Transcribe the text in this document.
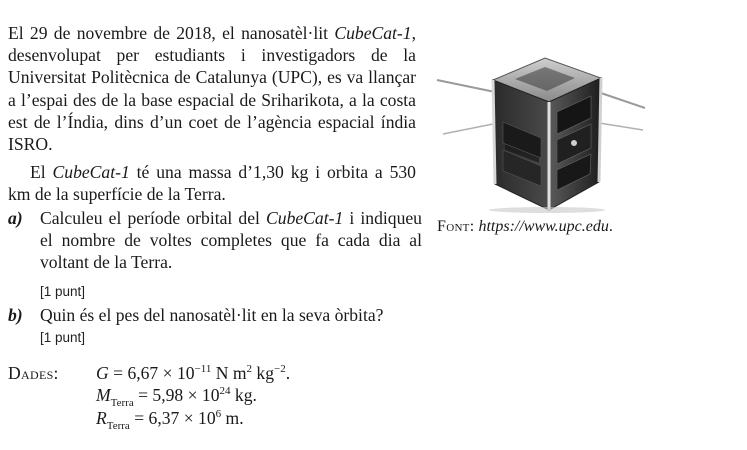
El 29 de novembre de 2018, el nanosatèl·lit CubeCat-1, desenvolupat per estudiants i investigadors de la Universitat Politècnica de Catalunya (UPC), es va llançar a l’espai des de la base espacial de Sriharikota, a la costa est de l’Índia, dins d’un coet de l’agència espacial índia ISRO.

El CubeCat-1 té una massa d’1,30 kg i orbita a 530 km de la superfície de la Terra.

a) Calculeu el període orbital del CubeCat-1 i indiqueu el nombre de voltes completes que fa cada dia al voltant de la Terra.
[1 punt]
b) Quin és el pes del nanosatèl·lit en la seva òrbita?
[1 punt]
Font: https://www.upc.edu.
Dades: $G = 6,67 \times 10^{-11}$ N $m^2$ $kg^{-2}$.
$M_{Terra} = 5,98 \times 10^{24}$ kg.
$R_{Terra} = 6,37 \times 10^6$ m.
